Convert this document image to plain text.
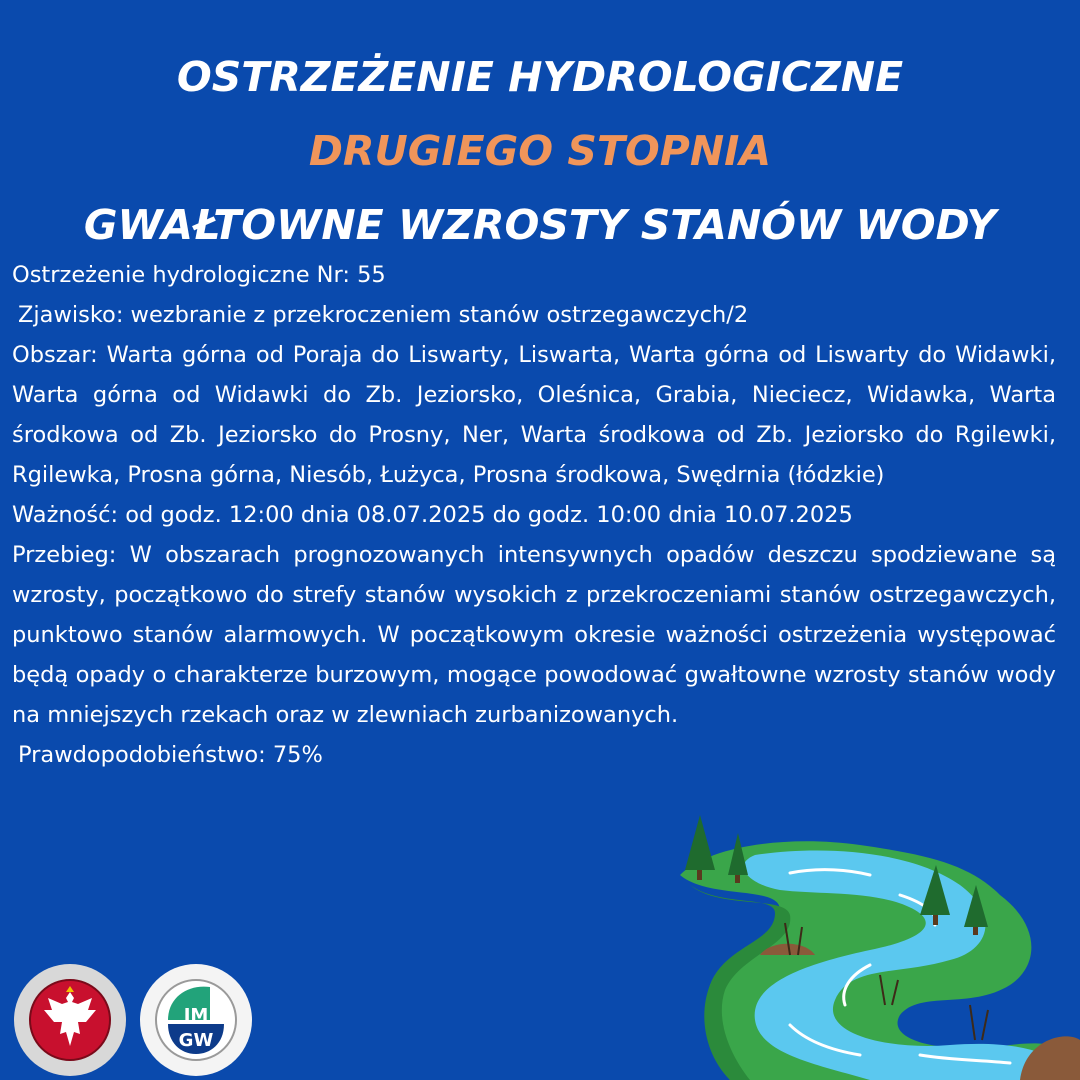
OSTRZEŻENIE HYDROLOGICZNE
DRUGIEGO STOPNIA
GWAŁTOWNE WZROSTY STANÓW WODY

Ostrzeżenie hydrologiczne Nr: 55

Zjawisko: wezbranie z przekroczeniem stanów ostrzegawczych/2

Obszar: Warta górna od Poraja do Liswarty, Liswarta, Warta górna od Liswarty do Widawki, Warta górna od Widawki do Zb. Jeziorsko, Oleśnica, Grabia, Nieciecz, Widawka, Warta środkowa od Zb. Jeziorsko do Prosny, Ner, Warta środkowa od Zb. Jeziorsko do Rgilewki, Rgilewka, Prosna górna, Niesób, Łużyca, Prosna środkowa, Swędrnia (łódzkie)

Ważność: od godz. 12:00 dnia 08.07.2025 do godz. 10:00 dnia 10.07.2025

Przebieg: W obszarach prognozowanych intensywnych opadów deszczu spodziewane są wzrosty, początkowo do strefy stanów wysokich z przekroczeniami stanów ostrzegawczych, punktowo stanów alarmowych. W początkowym okresie ważności ostrzeżenia występować będą opady o charakterze burzowym, mogące powodować gwałtowne wzrosty stanów wody na mniejszych rzekach oraz w zlewniach zurbanizowanych.

Prawdopodobieństwo: 75%

IM
GW
